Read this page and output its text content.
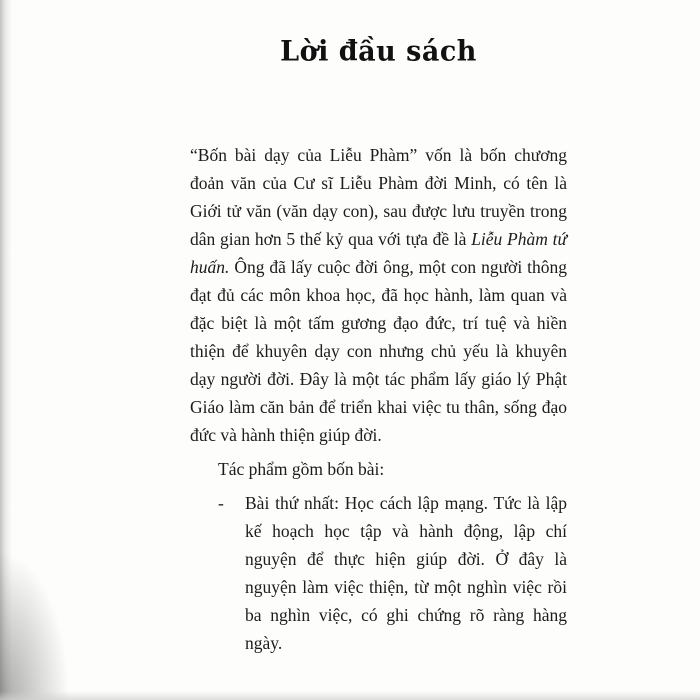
Lời đầu sách

“Bốn bài dạy của Liễu Phàm” vốn là bốn chương đoản văn của Cư sĩ Liễu Phàm đời Minh, có tên là Giới tử văn (văn dạy con), sau được lưu truyền trong dân gian hơn 5 thế kỷ qua với tựa đề là Liễu Phàm tứ huấn. Ông đã lấy cuộc đời ông, một con người thông đạt đủ các môn khoa học, đã học hành, làm quan và đặc biệt là một tấm gương đạo đức, trí tuệ và hiền thiện để khuyên dạy con nhưng chủ yếu là khuyên dạy người đời. Đây là một tác phẩm lấy giáo lý Phật Giáo làm căn bản để triển khai việc tu thân, sống đạo đức và hành thiện giúp đời.

Tác phẩm gồm bốn bài:

-	Bài thứ nhất: Học cách lập mạng. Tức là lập kế hoạch học tập và hành động, lập chí nguyện để thực hiện giúp đời. Ở đây là nguyện làm việc thiện, từ một nghìn việc rồi ba nghìn việc, có ghi chứng rõ ràng hàng ngày.
